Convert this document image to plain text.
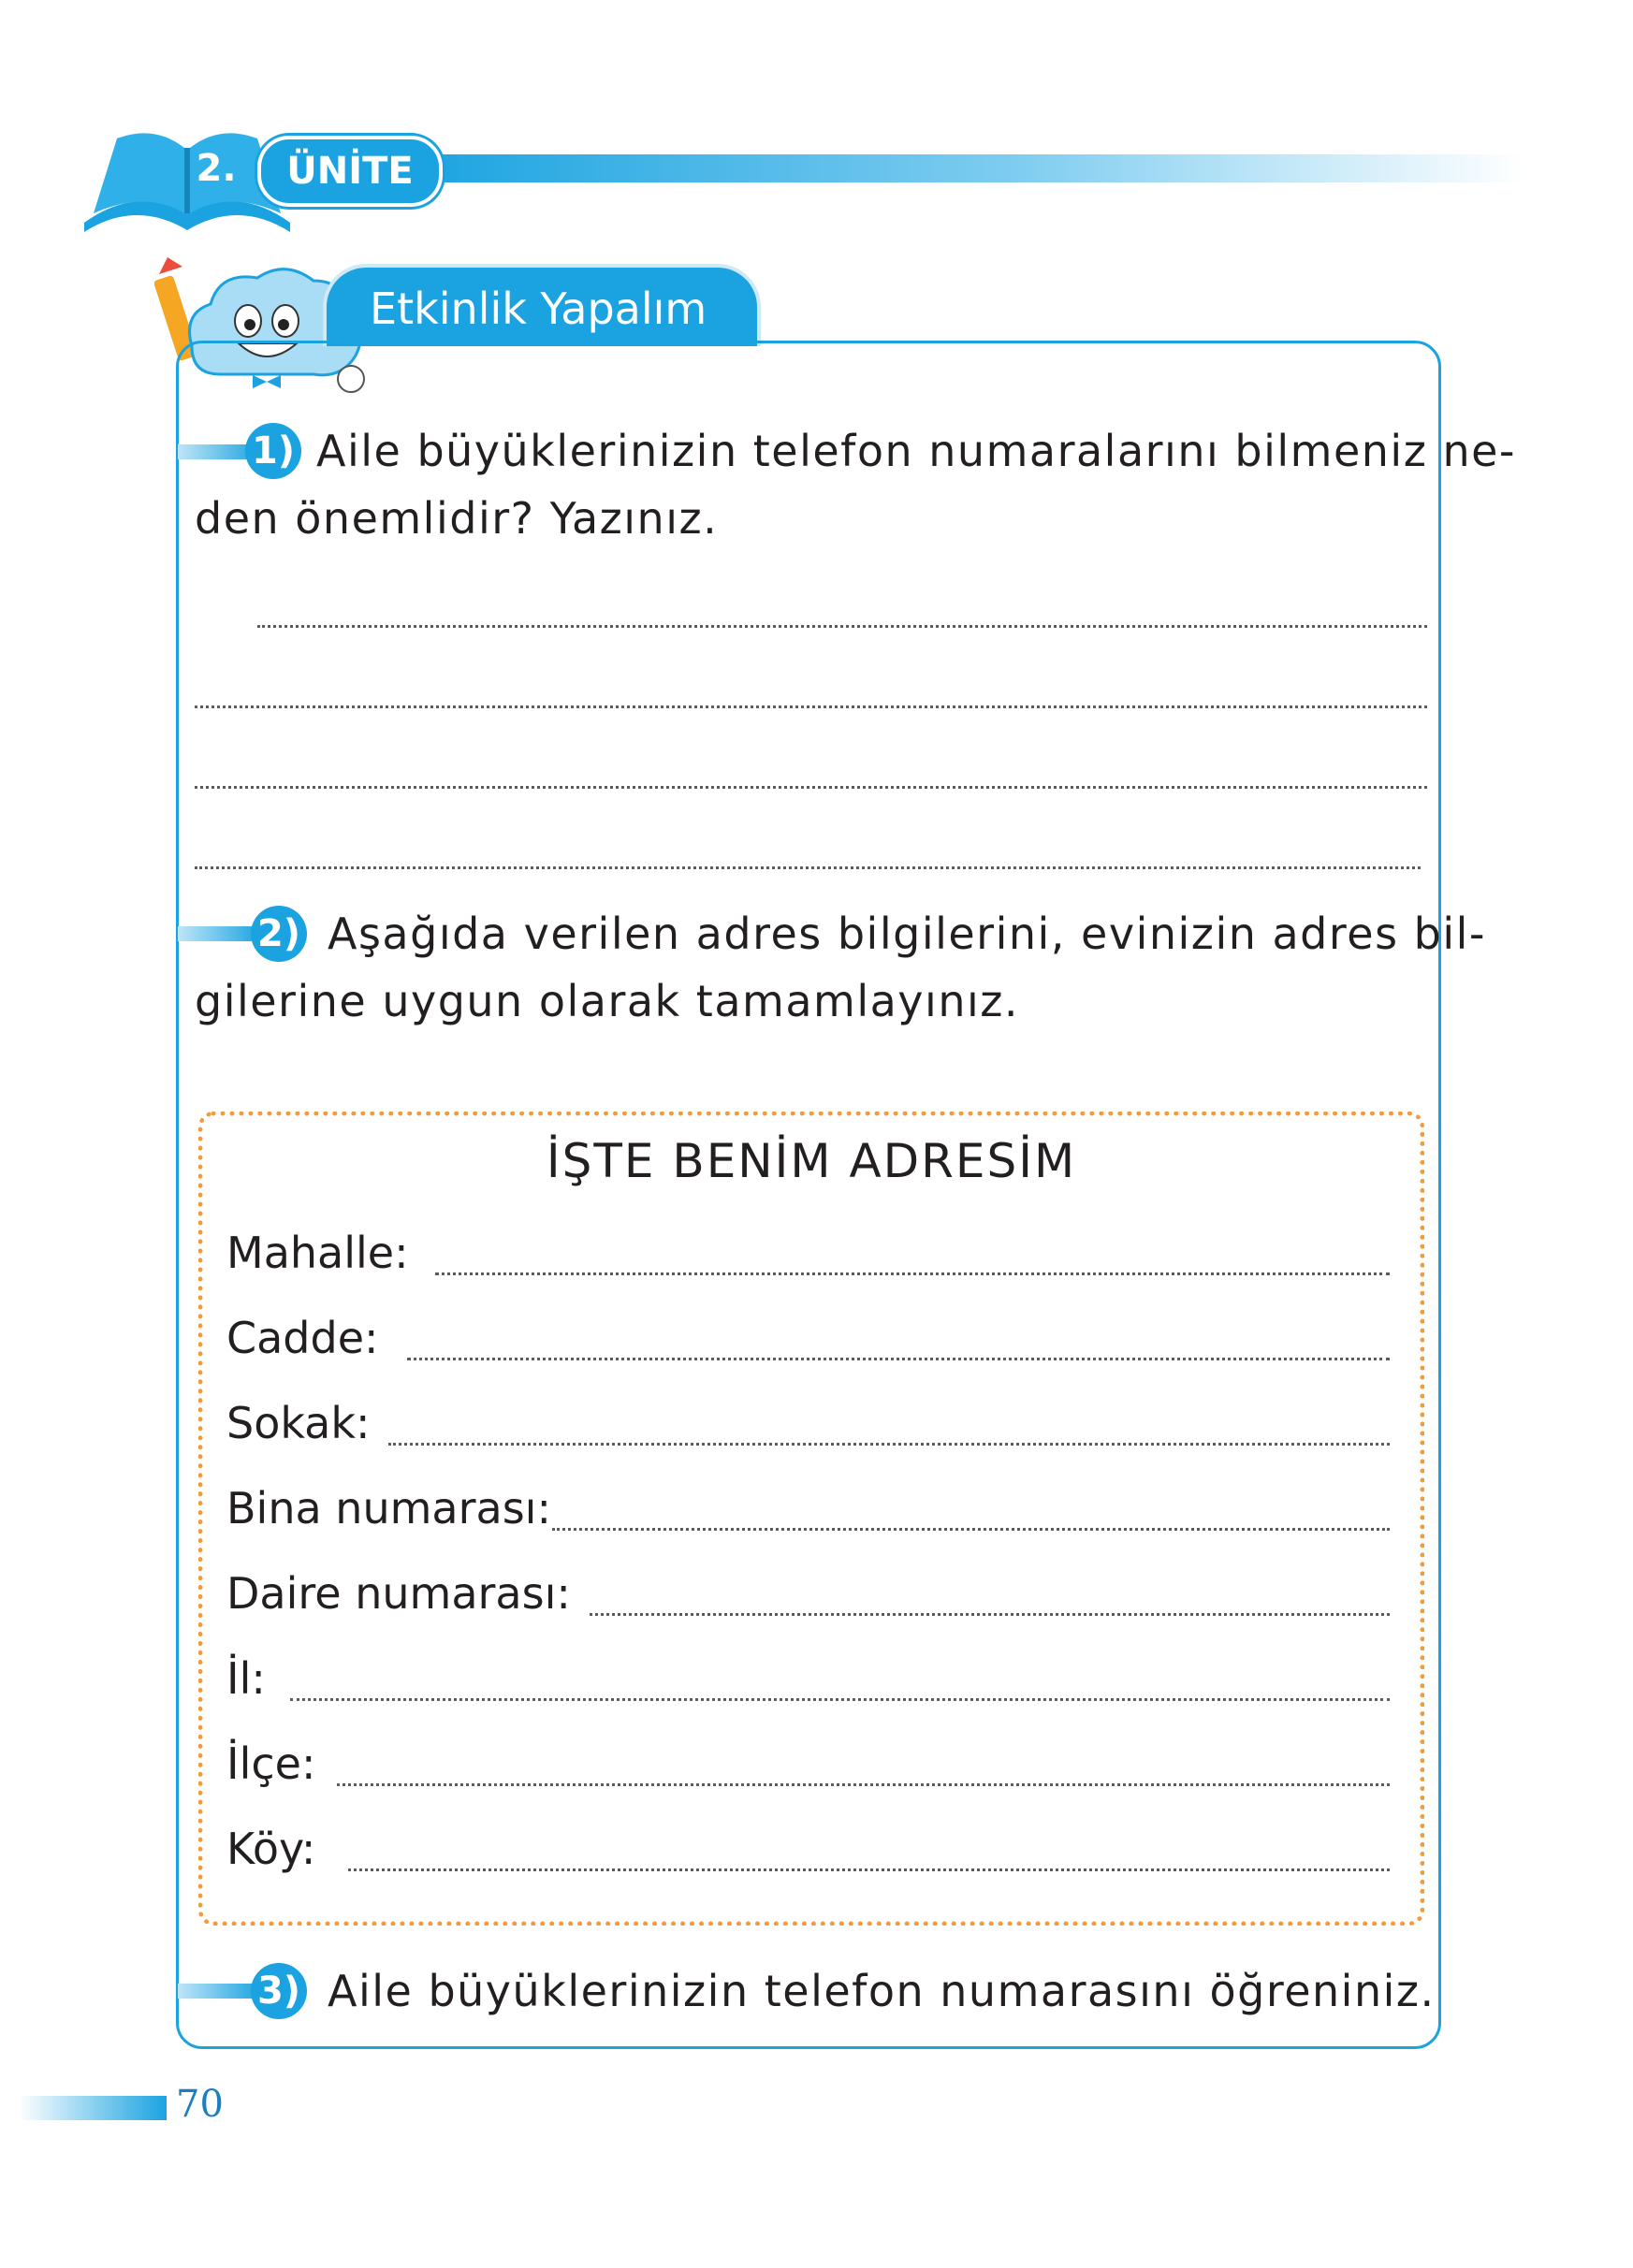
2.	ÜNİTE
Etkinlik Yapalım
1) Aile büyüklerinizin telefon numaralarını bilmeniz ne-
den önemlidir? Yazınız.
2) Aşağıda verilen adres bilgilerini, evinizin adres bil-
gilerine uygun olarak tamamlayınız.
İŞTE BENİM ADRESİM
Mahalle:
Cadde:
Sokak:
Bina numarası:
Daire numarası:
İl:
İlçe:
Köy:
3) Aile büyüklerinizin telefon numarasını öğreniniz.
70
